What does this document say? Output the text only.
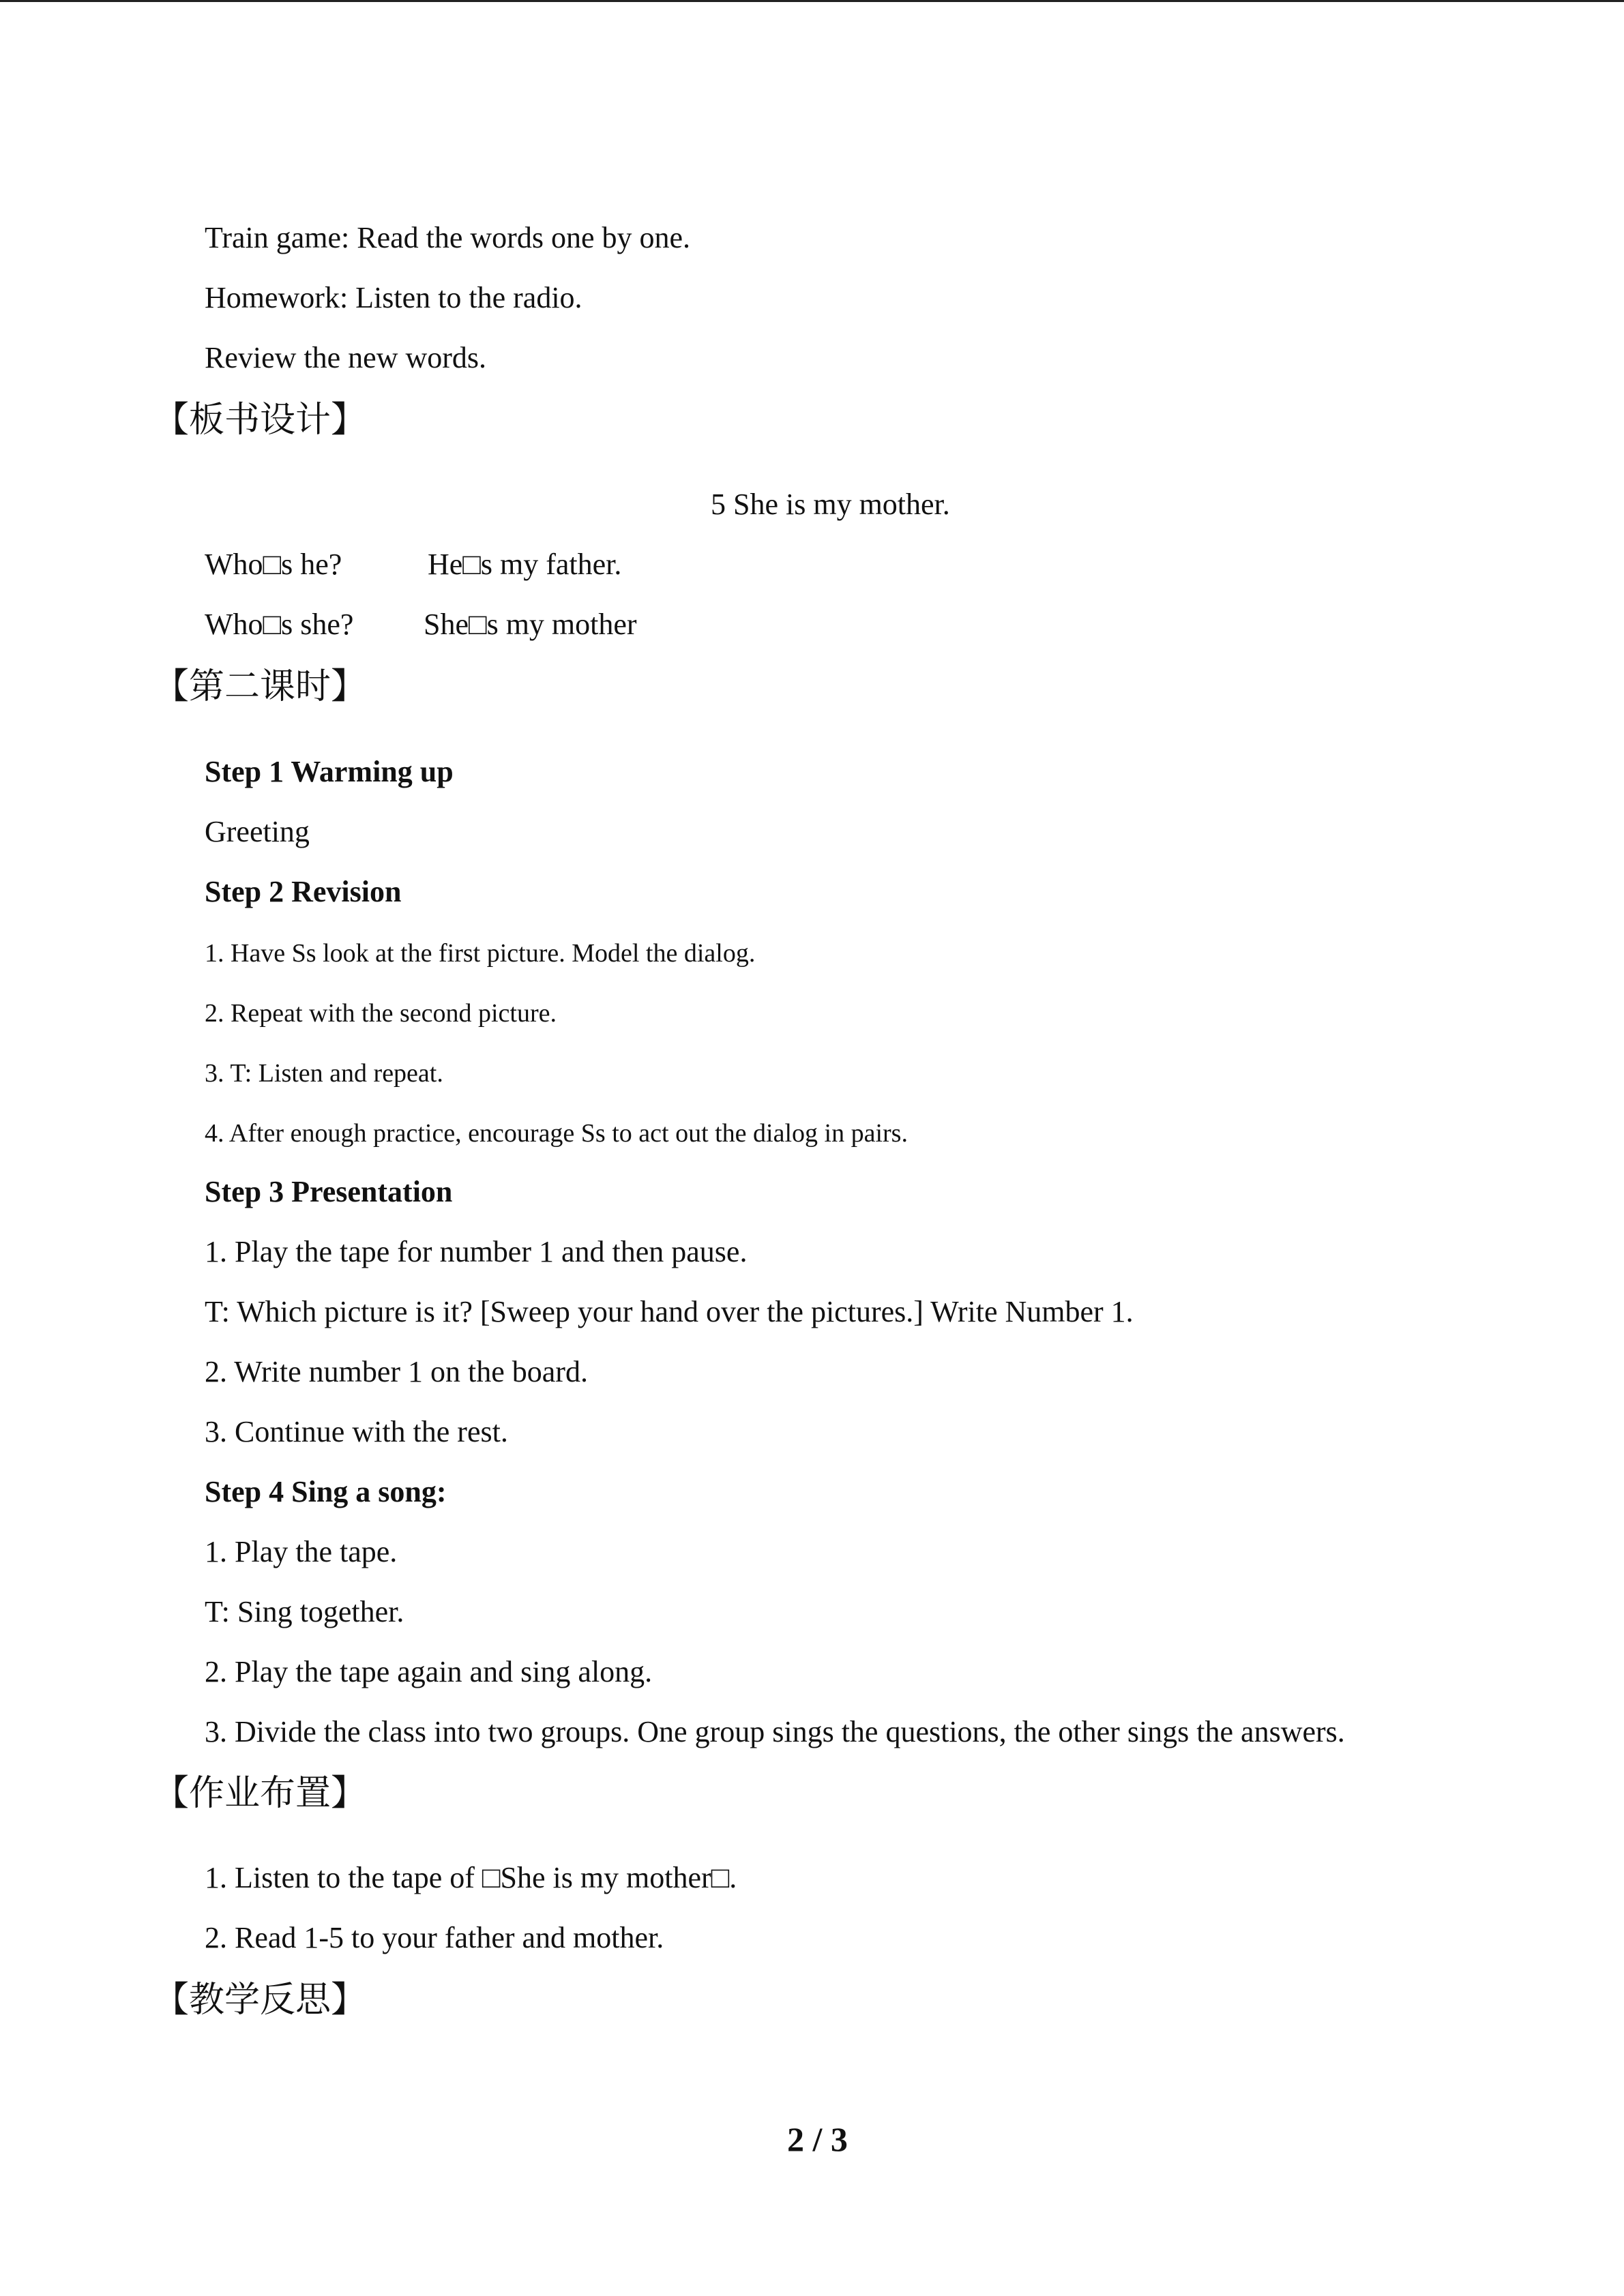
Train game: Read the words one by one.
Homework: Listen to the radio.
Review the new words.
【板书设计】
5 She is my mother.
Who□s he?	He□s my father.
Who□s she? She□s my mother
【第二课时】
Step 1 Warming up
Greeting
Step 2 Revision
1. Have Ss look at the first picture. Model the dialog.
2. Repeat with the second picture.
3. T: Listen and repeat.
4. After enough practice, encourage Ss to act out the dialog in pairs.
Step 3 Presentation
1. Play the tape for number 1 and then pause.
T: Which picture is it? [Sweep your hand over the pictures.] Write Number 1.
2. Write number 1 on the board.
3. Continue with the rest.
Step 4 Sing a song:
1. Play the tape.
T: Sing together.
2. Play the tape again and sing along.
3. Divide the class into two groups. One group sings the questions, the other sings the answers.
【作业布置】
1. Listen to the tape of □She is my mother□.
2. Read 1-5 to your father and mother.
【教学反思】
2 / 3
